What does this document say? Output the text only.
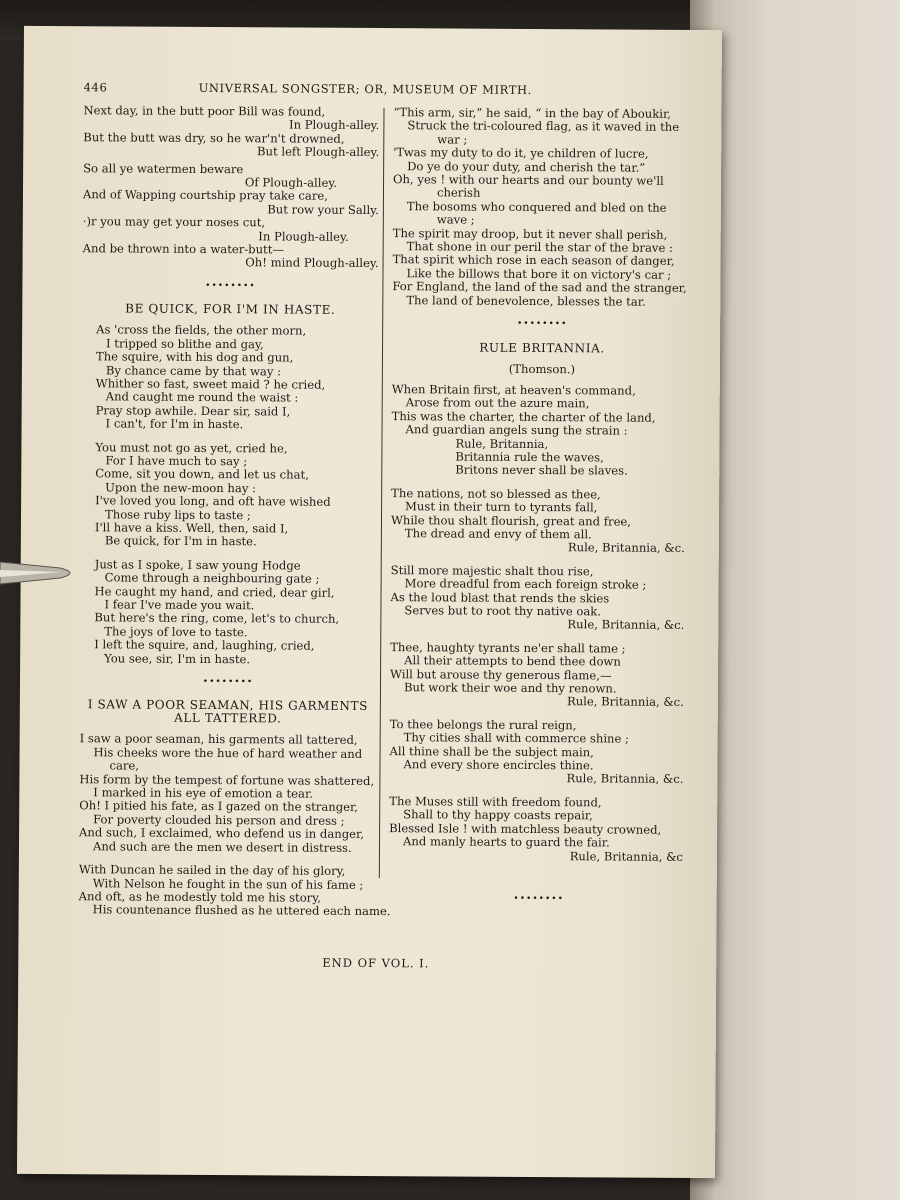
446	UNIVERSAL SONGSTER; OR, MUSEUM OF MIRTH.
Next day, in the butt poor Bill was found,
In Plough-alley.
But the butt was dry, so he war'n't drowned,
But left Plough-alley.
So all ye watermen beware
Of Plough-alley.
And of Wapping courtship pray take care,
But row your Sally.
·)r you may get your noses cut,
In Plough-alley.
And be thrown into a water-butt—
Oh! mind Plough-alley.
••••••••
BE QUICK, FOR I'M IN HASTE.
As 'cross the fields, the other morn,
I tripped so blithe and gay,
The squire, with his dog and gun,
By chance came by that way :
Whither so fast, sweet maid ? he cried,
And caught me round the waist :
Pray stop awhile. Dear sir, said I,
I can't, for I'm in haste.
You must not go as yet, cried he,
For I have much to say ;
Come, sit you down, and let us chat,
Upon the new-moon hay :
I've loved you long, and oft have wished
Those ruby lips to taste ;
I'll have a kiss. Well, then, said I,
Be quick, for I'm in haste.
Just as I spoke, I saw young Hodge
Come through a neighbouring gate ;
He caught my hand, and cried, dear girl,
I fear I've made you wait.
But here's the ring, come, let's to church,
The joys of love to taste.
I left the squire, and, laughing, cried,
You see, sir, I'm in haste.
••••••••
I SAW A POOR SEAMAN, HIS GARMENTS
ALL TATTERED.
I saw a poor seaman, his garments all tattered,
His cheeks wore the hue of hard weather and
care,
His form by the tempest of fortune was shattered,
I marked in his eye of emotion a tear.
Oh! I pitied his fate, as I gazed on the stranger,
For poverty clouded his person and dress ;
And such, I exclaimed, who defend us in danger,
And such are the men we desert in distress.
With Duncan he sailed in the day of his glory,
With Nelson he fought in the sun of his fame ;
And oft, as he modestly told me his story,
His countenance flushed as he uttered each name.
“This arm, sir,” he said, “ in the bay of Aboukir,
Struck the tri-coloured flag, as it waved in the
war ;
'Twas my duty to do it, ye children of lucre,
Do ye do your duty, and cherish the tar.”
Oh, yes ! with our hearts and our bounty we'll
cherish
The bosoms who conquered and bled on the
wave ;
The spirit may droop, but it never shall perish,
That shone in our peril the star of the brave :
That spirit which rose in each season of danger,
Like the billows that bore it on victory's car ;
For England, the land of the sad and the stranger,
The land of benevolence, blesses the tar.
••••••••
RULE BRITANNIA.
(Thomson.)
When Britain first, at heaven's command,
Arose from out the azure main,
This was the charter, the charter of the land,
And guardian angels sung the strain :
Rule, Britannia,
Britannia rule the waves,
Britons never shall be slaves.
The nations, not so blessed as thee,
Must in their turn to tyrants fall,
While thou shalt flourish, great and free,
The dread and envy of them all.
Rule, Britannia, &c.
Still more majestic shalt thou rise,
More dreadful from each foreign stroke ;
As the loud blast that rends the skies
Serves but to root thy native oak.
Rule, Britannia, &c.
Thee, haughty tyrants ne'er shall tame ;
All their attempts to bend thee down
Will but arouse thy generous flame,—
But work their woe and thy renown.
Rule, Britannia, &c.
To thee belongs the rural reign,
Thy cities shall with commerce shine ;
All thine shall be the subject main,
And every shore encircles thine.
Rule, Britannia, &c.
The Muses still with freedom found,
Shall to thy happy coasts repair,
Blessed Isle ! with matchless beauty crowned,
And manly hearts to guard the fair.
Rule, Britannia, &c
••••••••
END OF VOL. I.
